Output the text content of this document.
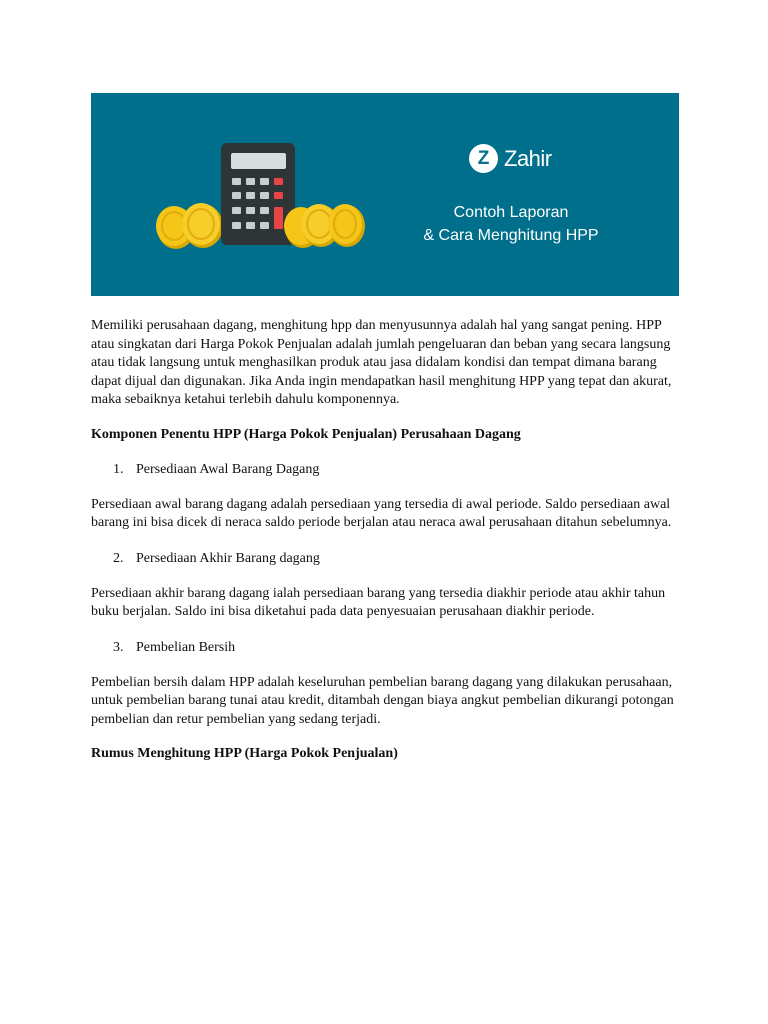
Z Zahir
Contoh Laporan
& Cara Menghitung HPP

Memiliki perusahaan dagang, menghitung hpp dan menyusunnya adalah hal yang sangat pening. HPP atau singkatan dari Harga Pokok Penjualan adalah jumlah pengeluaran dan beban yang secara langsung atau tidak langsung untuk menghasilkan produk atau jasa didalam kondisi dan tempat dimana barang dapat dijual dan digunakan. Jika Anda ingin mendapatkan hasil menghitung HPP yang tepat dan akurat, maka sebaiknya ketahui terlebih dahulu komponennya.

Komponen Penentu HPP (Harga Pokok Penjualan) Perusahaan Dagang

1. Persediaan Awal Barang Dagang

Persediaan awal barang dagang adalah persediaan yang tersedia di awal periode. Saldo persediaan awal barang ini bisa dicek di neraca saldo periode berjalan atau neraca awal perusahaan ditahun sebelumnya.

2. Persediaan Akhir Barang dagang

Persediaan akhir barang dagang ialah persediaan barang yang tersedia diakhir periode atau akhir tahun buku berjalan. Saldo ini bisa diketahui pada data penyesuaian perusahaan diakhir periode.

3. Pembelian Bersih

Pembelian bersih dalam HPP adalah keseluruhan pembelian barang dagang yang dilakukan perusahaan, untuk pembelian barang tunai atau kredit, ditambah dengan biaya angkut pembelian dikurangi potongan pembelian dan retur pembelian yang sedang terjadi.

Rumus Menghitung HPP (Harga Pokok Penjualan)
